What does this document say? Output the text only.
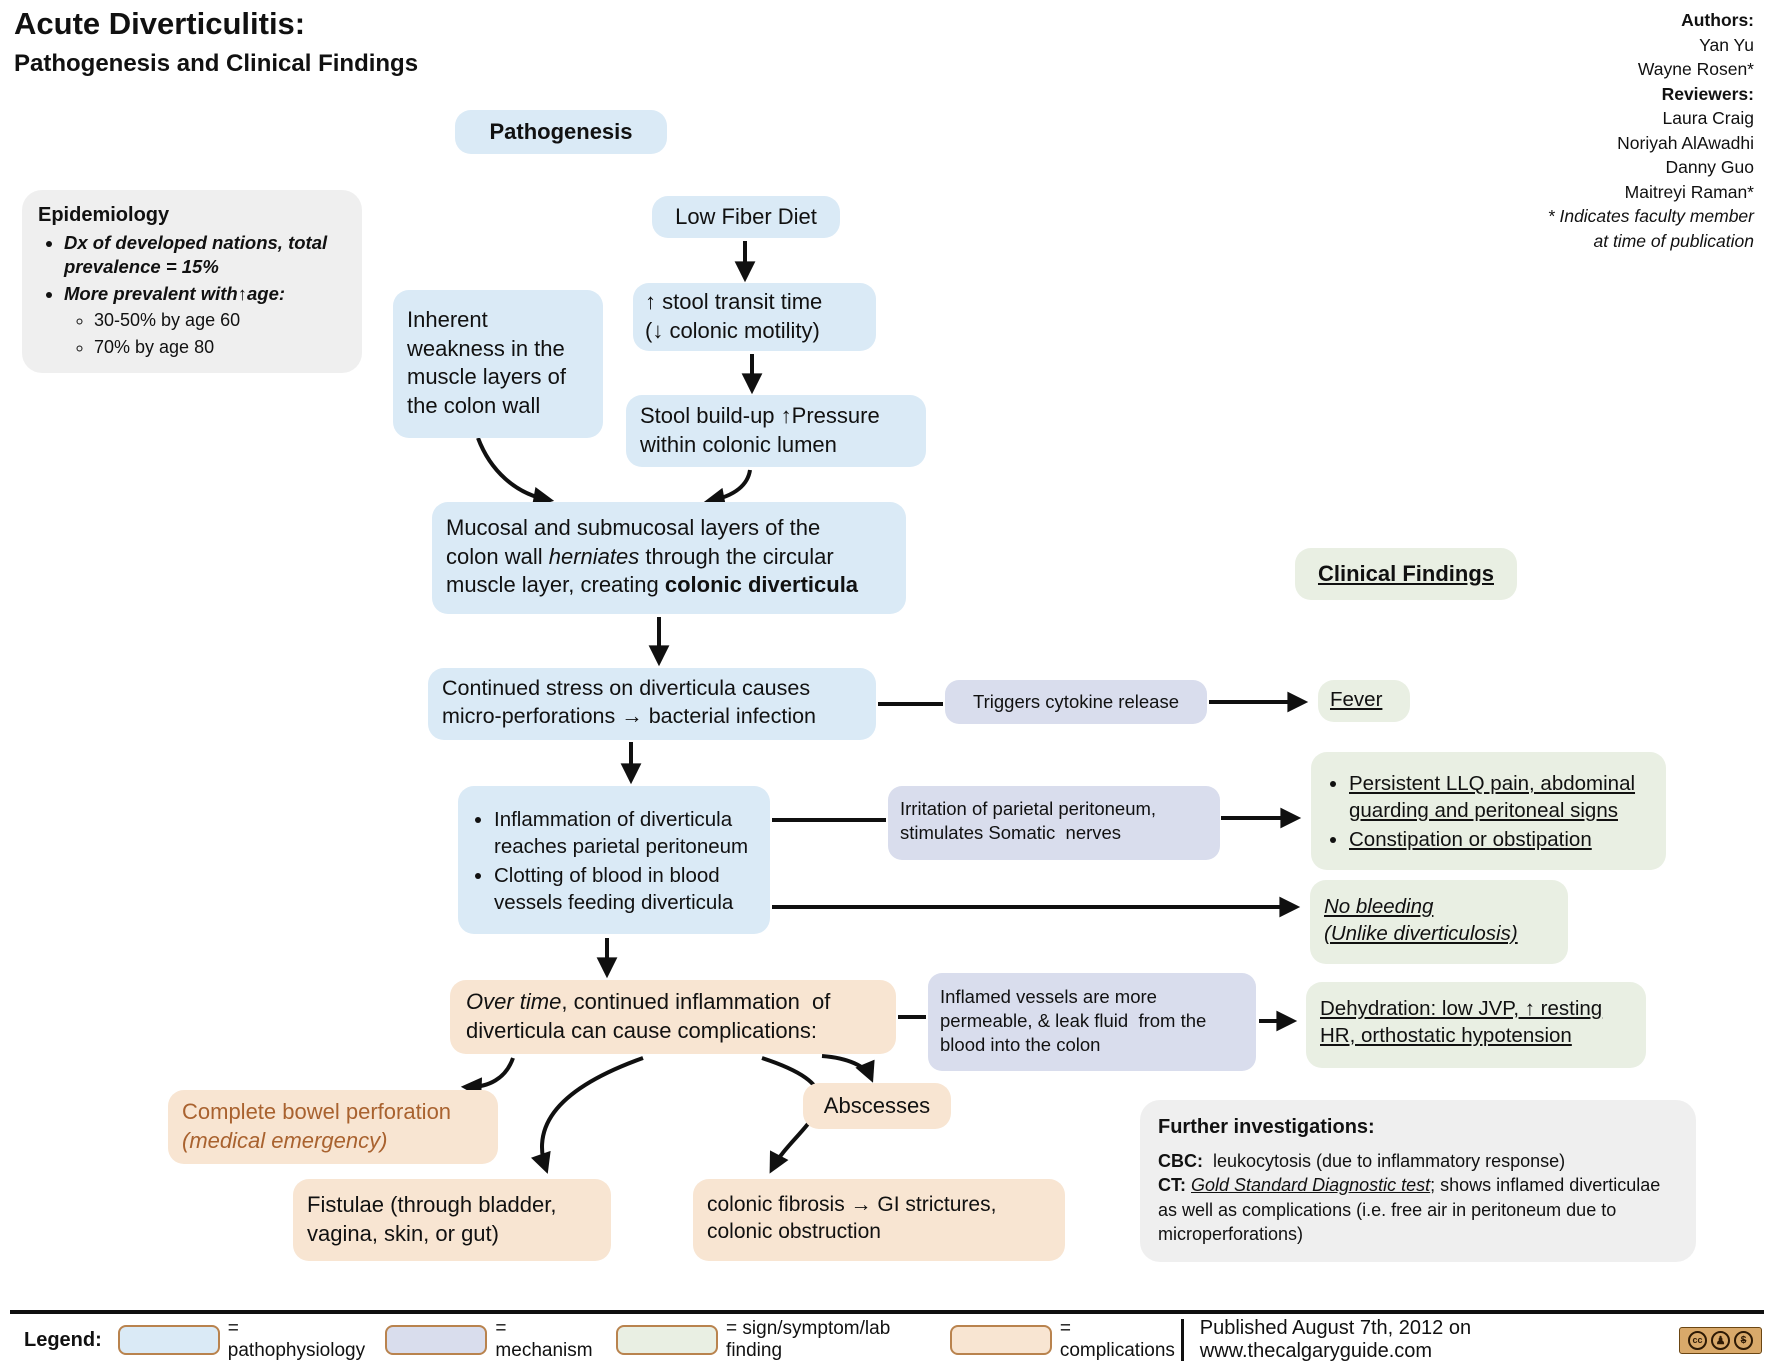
Acute Diverticulitis:
Pathogenesis and Clinical Findings
Authors:
Yan Yu
Wayne Rosen*
Reviewers:
Laura Craig
Noriyah AlAwadhi
Danny Guo
Maitreyi Raman*
* Indicates faculty member
at time of publication
Epidemiology
• Dx of developed nations, total prevalence = 15%
• More prevalent with↑age:
◦ 30-50% by age 60
◦ 70% by age 80
Pathogenesis
Clinical Findings
Low Fiber Diet
Inherent
weakness in the
muscle layers of
the colon wall
↑ stool transit time
(↓ colonic motility)
Stool build-up ↑Pressure
within colonic lumen
Mucosal and submucosal layers of the
colon wall herniates through the circular
muscle layer, creating colonic diverticula
Continued stress on diverticula causes
micro-perforations → bacterial infection
• Inflammation of diverticula reaches parietal peritoneum
• Clotting of blood in blood vessels feeding diverticula
Triggers cytokine release
Irritation of parietal peritoneum,
stimulates Somatic  nerves
Inflamed vessels are more
permeable, & leak fluid  from the
blood into the colon
Fever
• Persistent LLQ pain, abdominal guarding and peritoneal signs
• Constipation or obstipation
No bleeding
(Unlike diverticulosis)
Dehydration: low JVP, ↑ resting HR, orthostatic hypotension
Over time, continued inflammation  of diverticula can cause complications:
Complete bowel perforation
(medical emergency)
Abscesses
Fistulae (through bladder,
vagina, skin, or gut)
colonic fibrosis → GI strictures,
colonic obstruction
Further investigations:
CBC:  leukocytosis (due to inflammatory response)
CT: Gold Standard Diagnostic test; shows inflamed diverticulae as well as complications (i.e. free air in peritoneum due to microperforations)
Legend:	= pathophysiology
= mechanism
= sign/symptom/lab finding
= complications
Published August 7th, 2012 on www.thecalgaryguide.com	cc	♟	$
